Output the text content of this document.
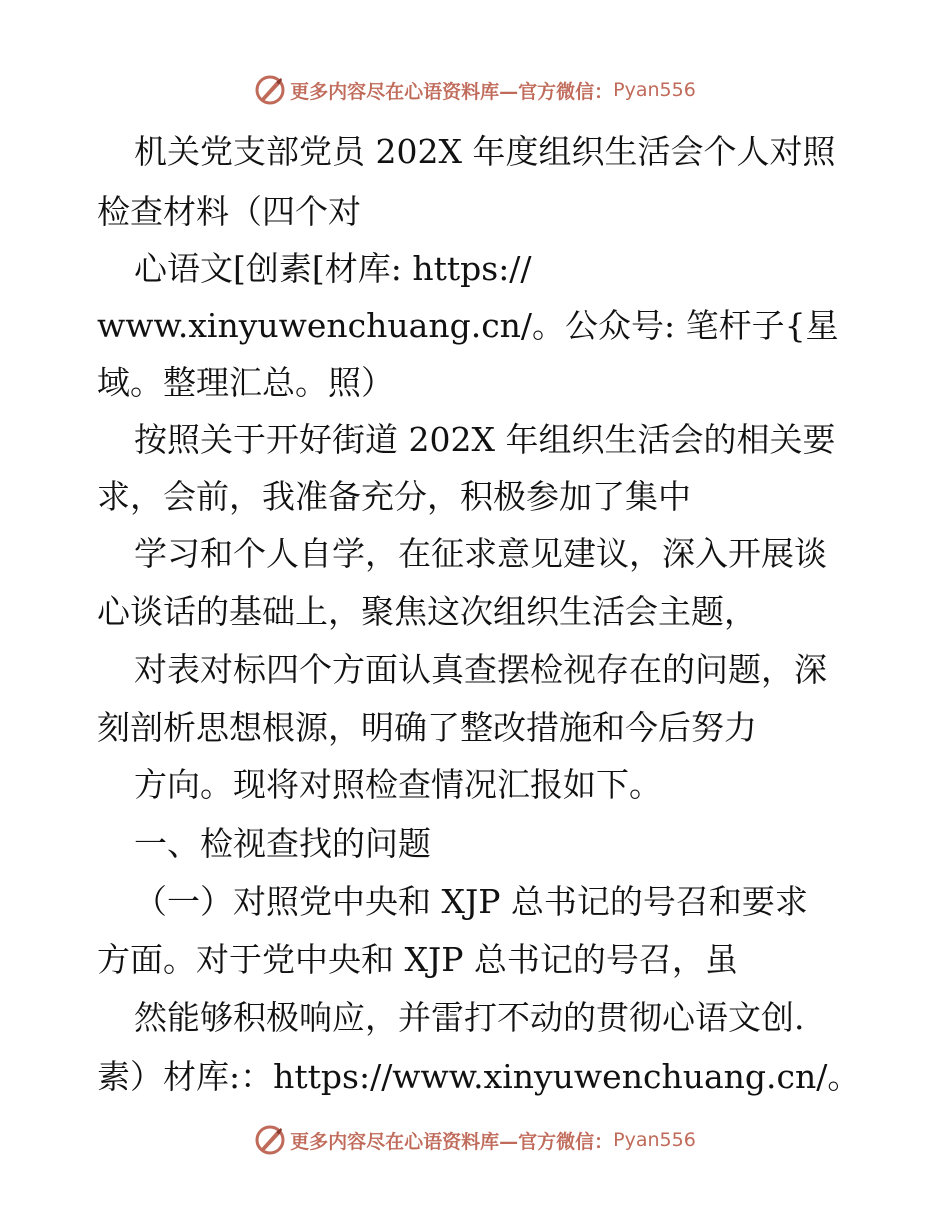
更多内容尽在心语资料库—官方微信： Pyan556
机关党支部党员 202X 年度组织生活会个人对照
检查材料（四个对
心语文[创素[材库: https://
www.xinyuwenchuang.cn/。公众号: 笔杆子{星
域。整理汇总。照）
按照关于开好街道 202X 年组织生活会的相关要
求，会前，我准备充分，积极参加了集中
学习和个人自学，在征求意见建议，深入开展谈
心谈话的基础上，聚焦这次组织生活会主题，
对表对标四个方面认真查摆检视存在的问题，深
刻剖析思想根源，明确了整改措施和今后努力
方向。现将对照检查情况汇报如下。
一、检视查找的问题
（一）对照党中央和 XJP 总书记的号召和要求
方面。对于党中央和 XJP 总书记的号召，虽
然能够积极响应，并雷打不动的贯彻心语文创.
素）材库:：https://www.xinyuwenchuang.cn/。
更多内容尽在心语资料库—官方微信： Pyan556
